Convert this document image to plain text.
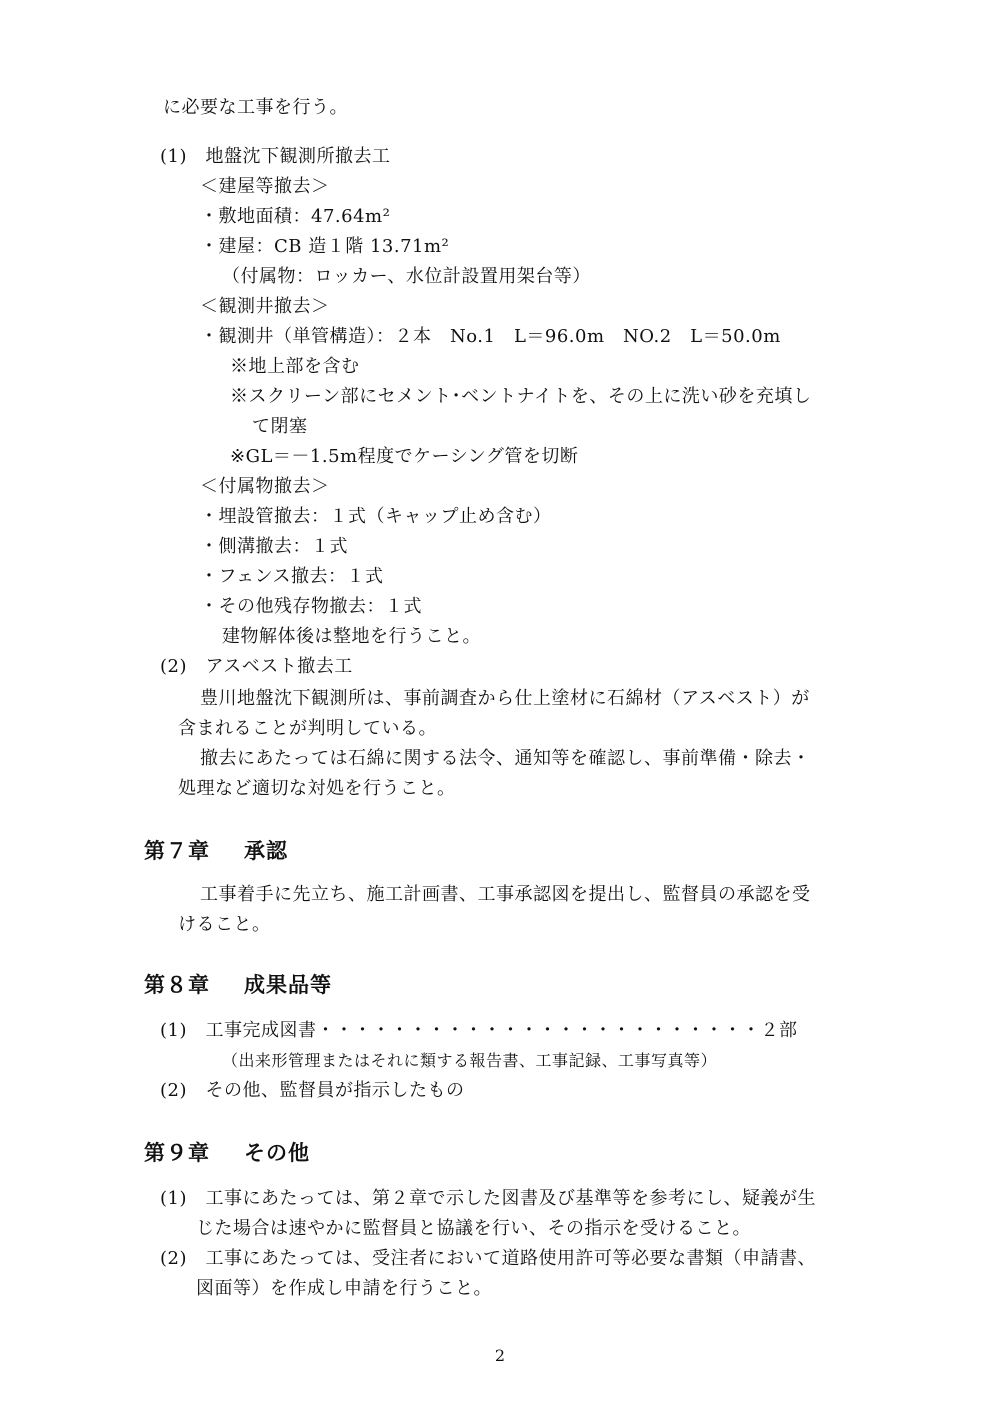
に必要な工事を行う。
(1)　地盤沈下観測所撤去工
＜建屋等撤去＞
・敷地面積：47.64m²
・建屋：CB 造１階 13.71m²
（付属物：ロッカー、水位計設置用架台等）
＜観測井撤去＞
・観測井（単管構造）：２本　No.1　L＝96.0m　NO.2　L＝50.0m
※地上部を含む
※スクリーン部にセメント･ベントナイトを、その上に洗い砂を充填し
て閉塞
※GL＝－1.5m程度でケーシング管を切断
＜付属物撤去＞
・埋設管撤去：１式（キャップ止め含む）
・側溝撤去：１式
・フェンス撤去：１式
・その他残存物撤去：１式
建物解体後は整地を行うこと。
(2)　アスベスト撤去工
豊川地盤沈下観測所は、事前調査から仕上塗材に石綿材（アスベスト）が
含まれることが判明している。
撤去にあたっては石綿に関する法令、通知等を確認し、事前準備・除去・
処理など適切な対処を行うこと。
第７章 承認
工事着手に先立ち、施工計画書、工事承認図を提出し、監督員の承認を受
けること。
第８章 成果品等
(1)　工事完成図書・・・・・・・・・・・・・・・・・・・・・・・・２部
（出来形管理またはそれに類する報告書、工事記録、工事写真等）
(2)　その他、監督員が指示したもの
第９章 その他
(1)　工事にあたっては、第２章で示した図書及び基準等を参考にし、疑義が生
じた場合は速やかに監督員と協議を行い、その指示を受けること。
(2)　工事にあたっては、受注者において道路使用許可等必要な書類（申請書、
図面等）を作成し申請を行うこと。
2
